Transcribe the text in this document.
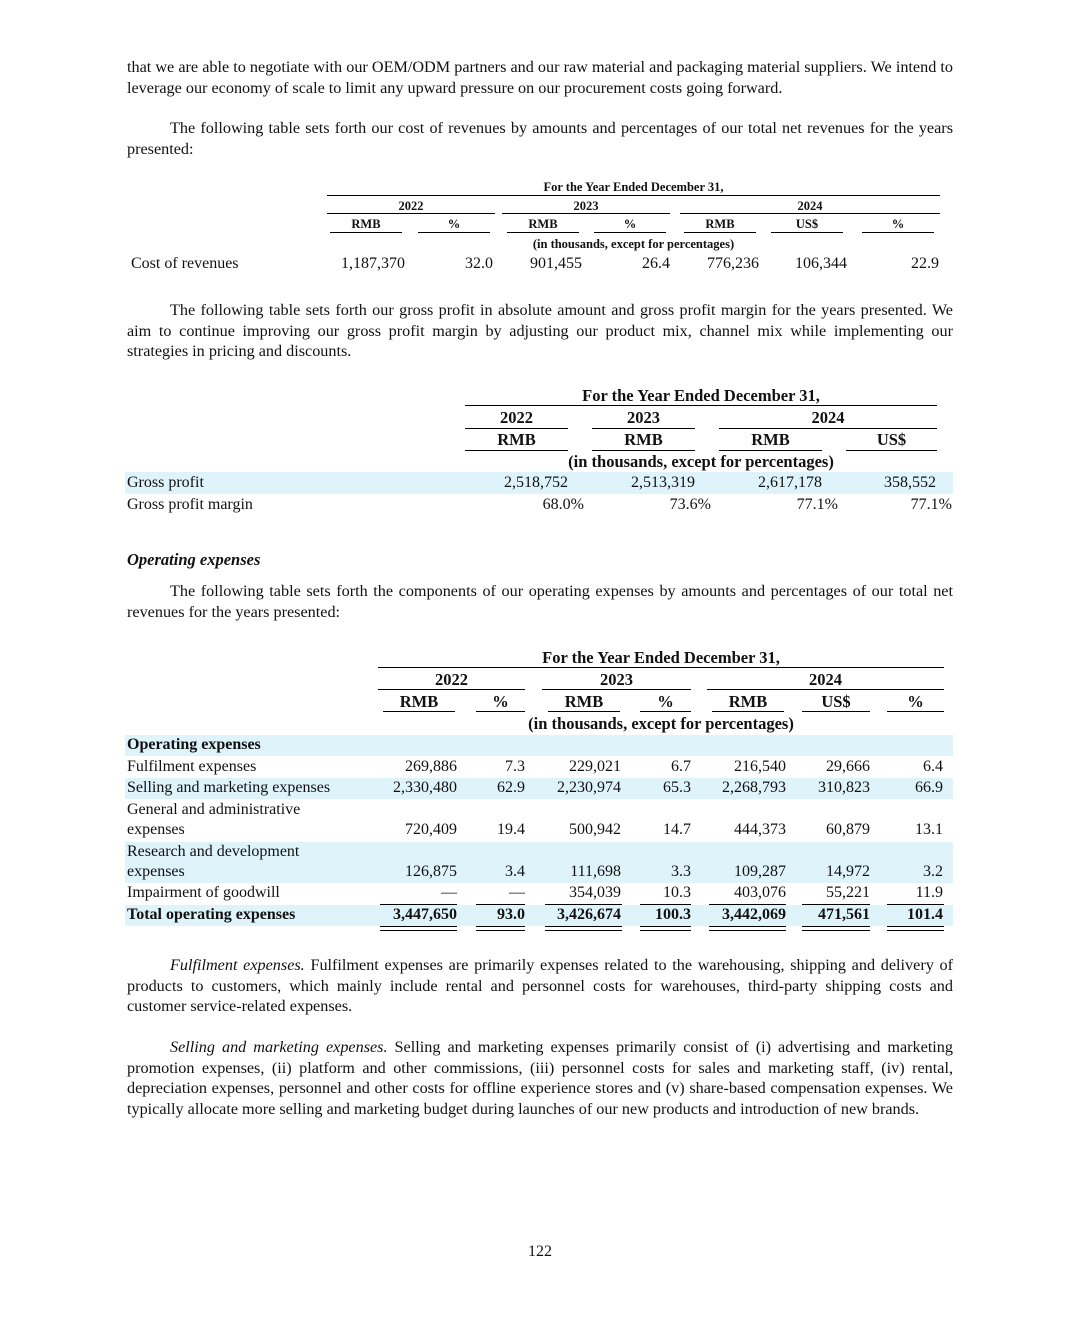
that we are able to negotiate with our OEM/ODM partners and our raw material and packaging material suppliers. We intend to leverage our economy of scale to limit any upward pressure on our procurement costs going forward.

The following table sets forth our cost of revenues by amounts and percentages of our total net revenues for the years presented:

For the Year Ended December 31,
2022	2023	2024
RMB	%	RMB	%	RMB	US$	%
(in thousands, except for percentages)
Cost of revenues	1,187,370	32.0 901,455	26.4 776,236 106,344	22.9

The following table sets forth our gross profit in absolute amount and gross profit margin for the years presented. We aim to continue improving our gross profit margin by adjusting our product mix, channel mix while implementing our strategies in pricing and discounts.

For the Year Ended December 31,
2022	2023	2024
RMB	RMB	RMB	US$
(in thousands, except for percentages)
Gross profit	2,518,752	2,513,319	2,617,178	358,552
Gross profit margin	68.0%	73.6%	77.1%	77.1%
Operating expenses

The following table sets forth the components of our operating expenses by amounts and percentages of our total net revenues for the years presented:

For the Year Ended December 31,
2022	2023	2024
RMB	%	RMB	%	RMB	US$	%
(in thousands, except for percentages)
Operating expenses
Fulfilment expenses	269,886	7.3	229,021	6.7	216,540	29,666	6.4
Selling and marketing expenses	2,330,480	62.9 2,230,974	65.3 2,268,793 310,823	66.9
General and administrative
expenses	720,409	19.4	500,942	14.7	444,373	60,879	13.1
Research and development
expenses	126,875	3.4	111,698	3.3	109,287	14,972	3.2
Impairment of goodwill	—	—	354,039	10.3	403,076	55,221	11.9
Total operating expenses	3,447,650	93.0 3,426,674 100.3 3,442,069 471,561 101.4

Fulfilment expenses. Fulfilment expenses are primarily expenses related to the warehousing, shipping and delivery of products to customers, which mainly include rental and personnel costs for warehouses, third-party shipping costs and customer service-related expenses.

Selling and marketing expenses. Selling and marketing expenses primarily consist of (i) advertising and marketing promotion expenses, (ii) platform and other commissions, (iii) personnel costs for sales and marketing staff, (iv) rental, depreciation expenses, personnel and other costs for offline experience stores and (v) share-based compensation expenses. We typically allocate more selling and marketing budget during launches of our new products and introduction of new brands.

122
